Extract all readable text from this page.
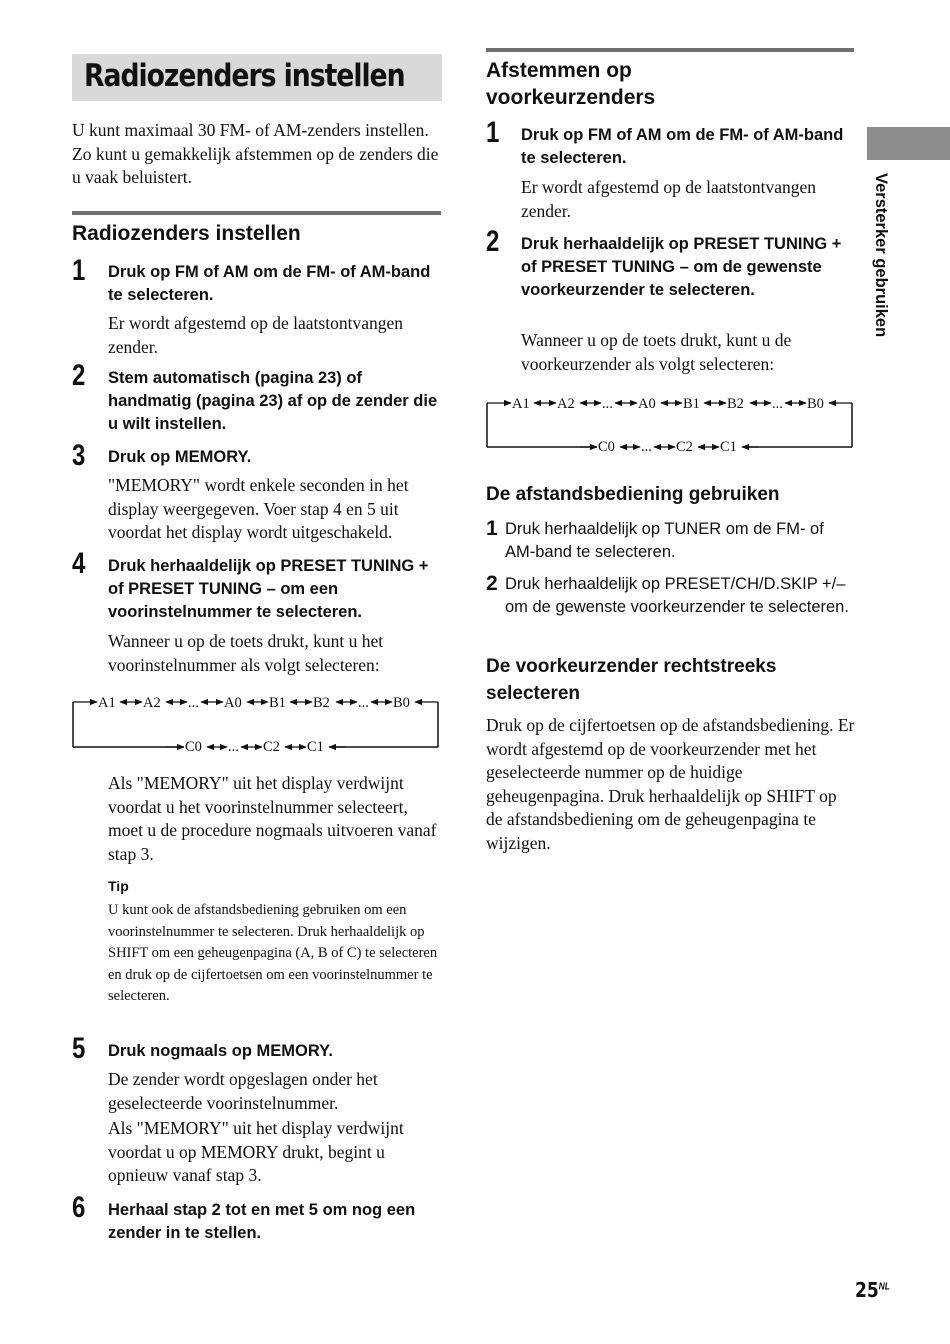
Radiozenders instellen
U kunt maximaal 30 FM- of AM-zenders instellen. Zo kunt u gemakkelijk afstemmen op de zenders die u vaak beluistert.
Radiozenders instellen
1 Druk op FM of AM om de FM- of AM-band te selecteren.
Er wordt afgestemd op de laatstontvangen zender.
2 Stem automatisch (pagina 23) of handmatig (pagina 23) af op de zender die u wilt instellen.
3 Druk op MEMORY.
"MEMORY" wordt enkele seconden in het display weergegeven. Voer stap 4 en 5 uit voordat het display wordt uitgeschakeld.
4 Druk herhaaldelijk op PRESET TUNING + of PRESET TUNING – om een voorinstelnummer te selecteren.
Wanneer u op de toets drukt, kunt u het voorinstelnummer als volgt selecteren:
A1 A2 ... A0 B1 B2 ... B0
C0 ... C2 C1
Als "MEMORY" uit het display verdwijnt voordat u het voorinstelnummer selecteert, moet u de procedure nogmaals uitvoeren vanaf stap 3.
Tip
U kunt ook de afstandsbediening gebruiken om een voorinstelnummer te selecteren. Druk herhaaldelijk op SHIFT om een geheugenpagina (A, B of C) te selecteren en druk op de cijfertoetsen om een voorinstelnummer te selecteren.
5 Druk nogmaals op MEMORY.
De zender wordt opgeslagen onder het geselecteerde voorinstelnummer.
Als "MEMORY" uit het display verdwijnt voordat u op MEMORY drukt, begint u opnieuw vanaf stap 3.
6 Herhaal stap 2 tot en met 5 om nog een zender in te stellen.
Afstemmen op voorkeurzenders
1 Druk op FM of AM om de FM- of AM-band te selecteren.
Er wordt afgestemd op de laatstontvangen zender.
2 Druk herhaaldelijk op PRESET TUNING + of PRESET TUNING – om de gewenste voorkeurzender te selecteren.
Wanneer u op de toets drukt, kunt u de voorkeurzender als volgt selecteren:
A1 A2 ... A0 B1 B2 ... B0
C0 ... C2 C1
De afstandsbediening gebruiken
1 Druk herhaaldelijk op TUNER om de FM- of AM-band te selecteren.
2 Druk herhaaldelijk op PRESET/CH/D.SKIP +/– om de gewenste voorkeurzender te selecteren.
De voorkeurzender rechtstreeks selecteren
Druk op de cijfertoetsen op de afstandsbediening. Er wordt afgestemd op de voorkeurzender met het geselecteerde nummer op de huidige geheugenpagina. Druk herhaaldelijk op SHIFT op de afstandsbediening om de geheugenpagina te wijzigen.
Versterker gebruiken
$25^{NL}$
